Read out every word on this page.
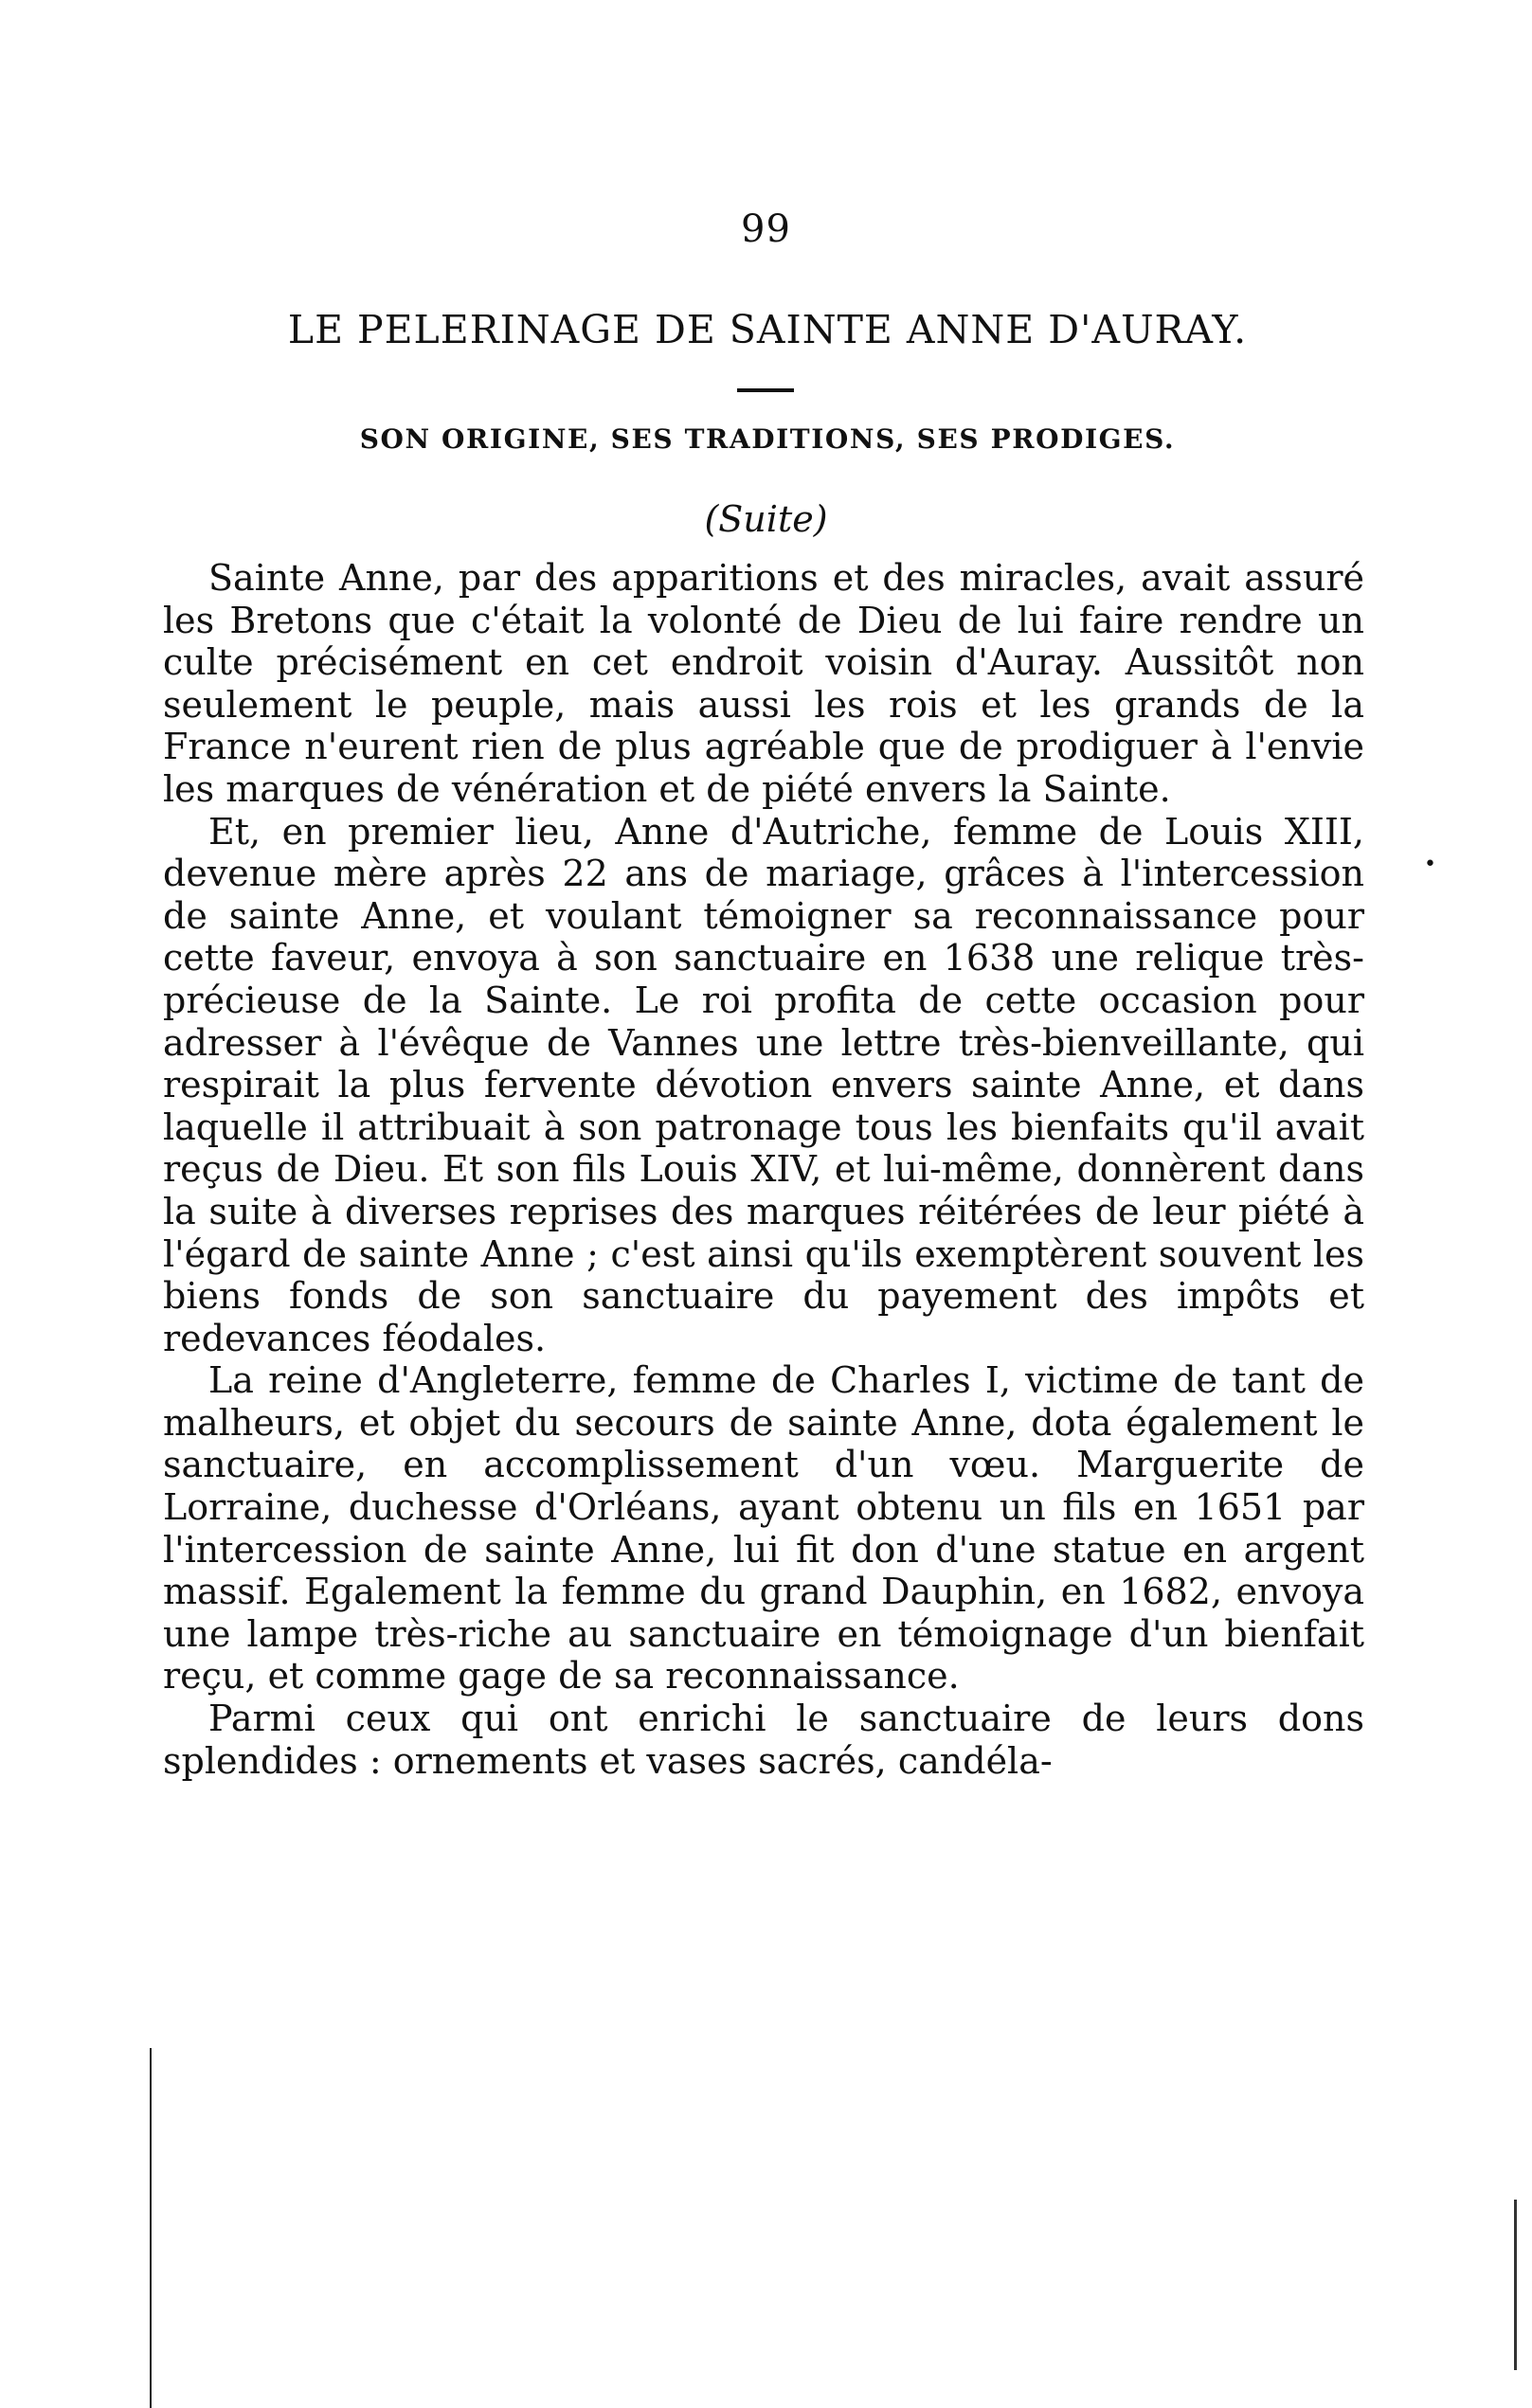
99
LE PELERINAGE DE SAINTE ANNE D'AURAY.
SON ORIGINE, SES TRADITIONS, SES PRODIGES.
(Suite)

Sainte Anne, par des apparitions et des miracles, avait assuré les Bretons que c'était la volonté de Dieu de lui faire rendre un culte précisément en cet endroit voisin d'Auray. Aussitôt non seulement le peuple, mais aussi les rois et les grands de la France n'eurent rien de plus agréable que de prodiguer à l'envie les marques de vénération et de piété envers la Sainte.

Et, en premier lieu, Anne d'Autriche, femme de Louis XIII, devenue mère après 22 ans de mariage, grâces à l'intercession de sainte Anne, et voulant témoigner sa reconnaissance pour cette faveur, envoya à son sanctuaire en 1638 une relique très-précieuse de la Sainte. Le roi profita de cette occasion pour adresser à l'évêque de Vannes une lettre très-bienveillante, qui respirait la plus fervente dévotion envers sainte Anne, et dans laquelle il attribuait à son patronage tous les bienfaits qu'il avait reçus de Dieu. Et son fils Louis XIV, et lui-même, donnèrent dans la suite à diverses reprises des marques réitérées de leur piété à l'égard de sainte Anne ; c'est ainsi qu'ils exemptèrent souvent les biens fonds de son sanctuaire du payement des impôts et redevances féodales.

La reine d'Angleterre, femme de Charles I, victime de tant de malheurs, et objet du secours de sainte Anne, dota également le sanctuaire, en accomplissement d'un vœu. Marguerite de Lorraine, duchesse d'Orléans, ayant obtenu un fils en 1651 par l'intercession de sainte Anne, lui fit don d'une statue en argent massif. Egalement la femme du grand Dauphin, en 1682, envoya une lampe très-riche au sanctuaire en témoignage d'un bienfait reçu, et comme gage de sa reconnaissance.

Parmi ceux qui ont enrichi le sanctuaire de leurs dons splendides : ornements et vases sacrés, candéla-

•
